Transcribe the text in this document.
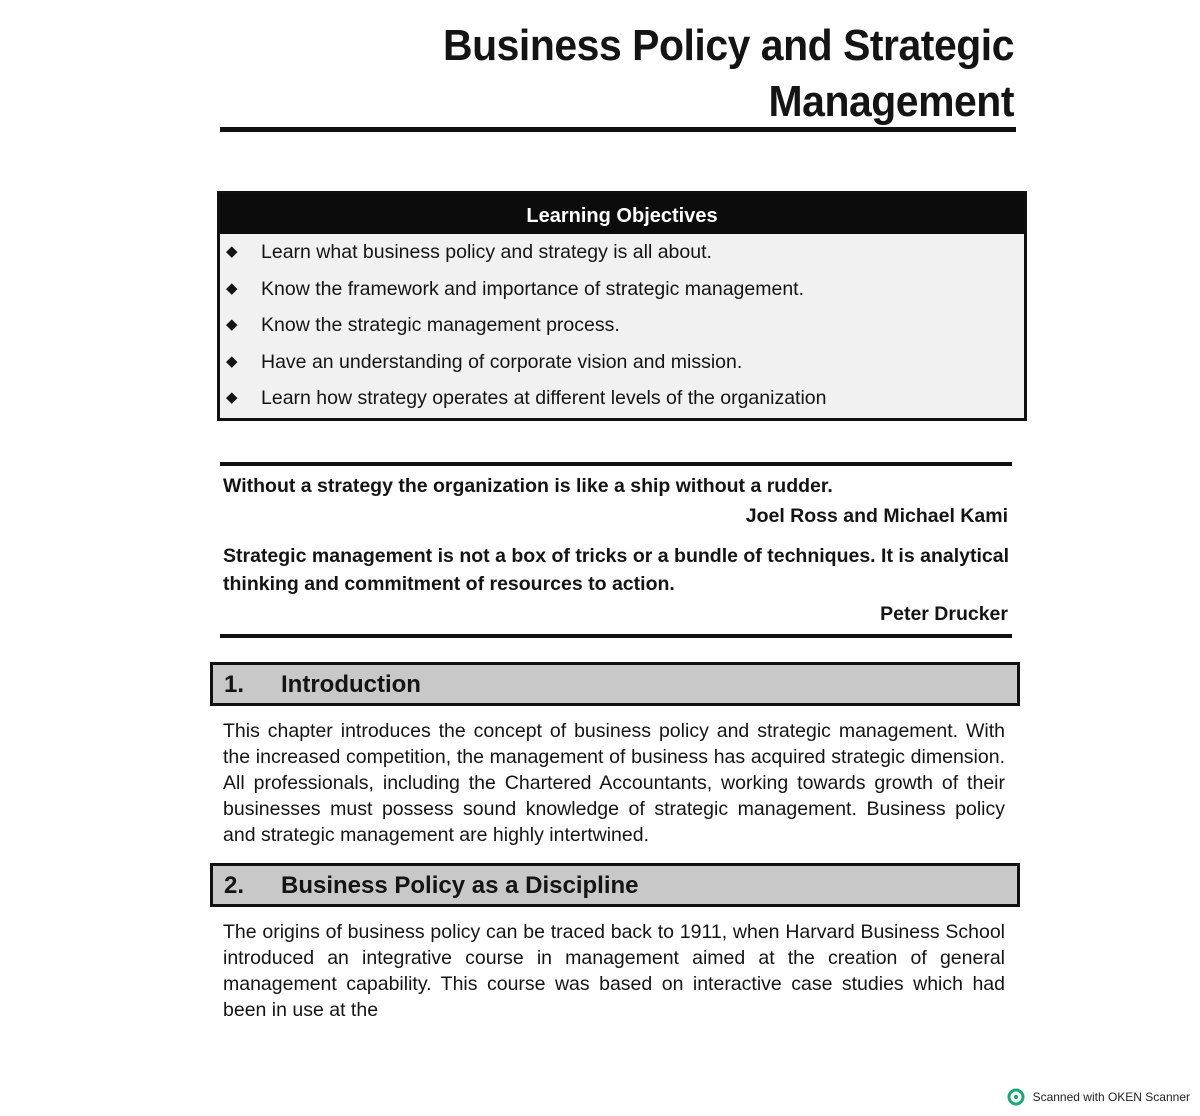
Business Policy and Strategic
Management
Learning Objectives
◆ Learn what business policy and strategy is all about.
◆ Know the framework and importance of strategic management.
◆ Know the strategic management process.
◆ Have an understanding of corporate vision and mission.
◆ Learn how strategy operates at different levels of the organization
Without a strategy the organization is like a ship without a rudder.
Joel Ross and Michael Kami
Strategic management is not a box of tricks or a bundle of techniques. It is analytical thinking and commitment of resources to action.
Peter Drucker
1. Introduction
This chapter introduces the concept of business policy and strategic management. With the increased competition, the management of business has acquired strategic dimension. All professionals, including the Chartered Accountants, working towards growth of their businesses must possess sound knowledge of strategic management. Business policy and strategic management are highly intertwined.
2. Business Policy as a Discipline
The origins of business policy can be traced back to 1911, when Harvard Business School introduced an integrative course in management aimed at the creation of general management capability. This course was based on interactive case studies which had been in use at the
Scanned with OKEN Scanner
